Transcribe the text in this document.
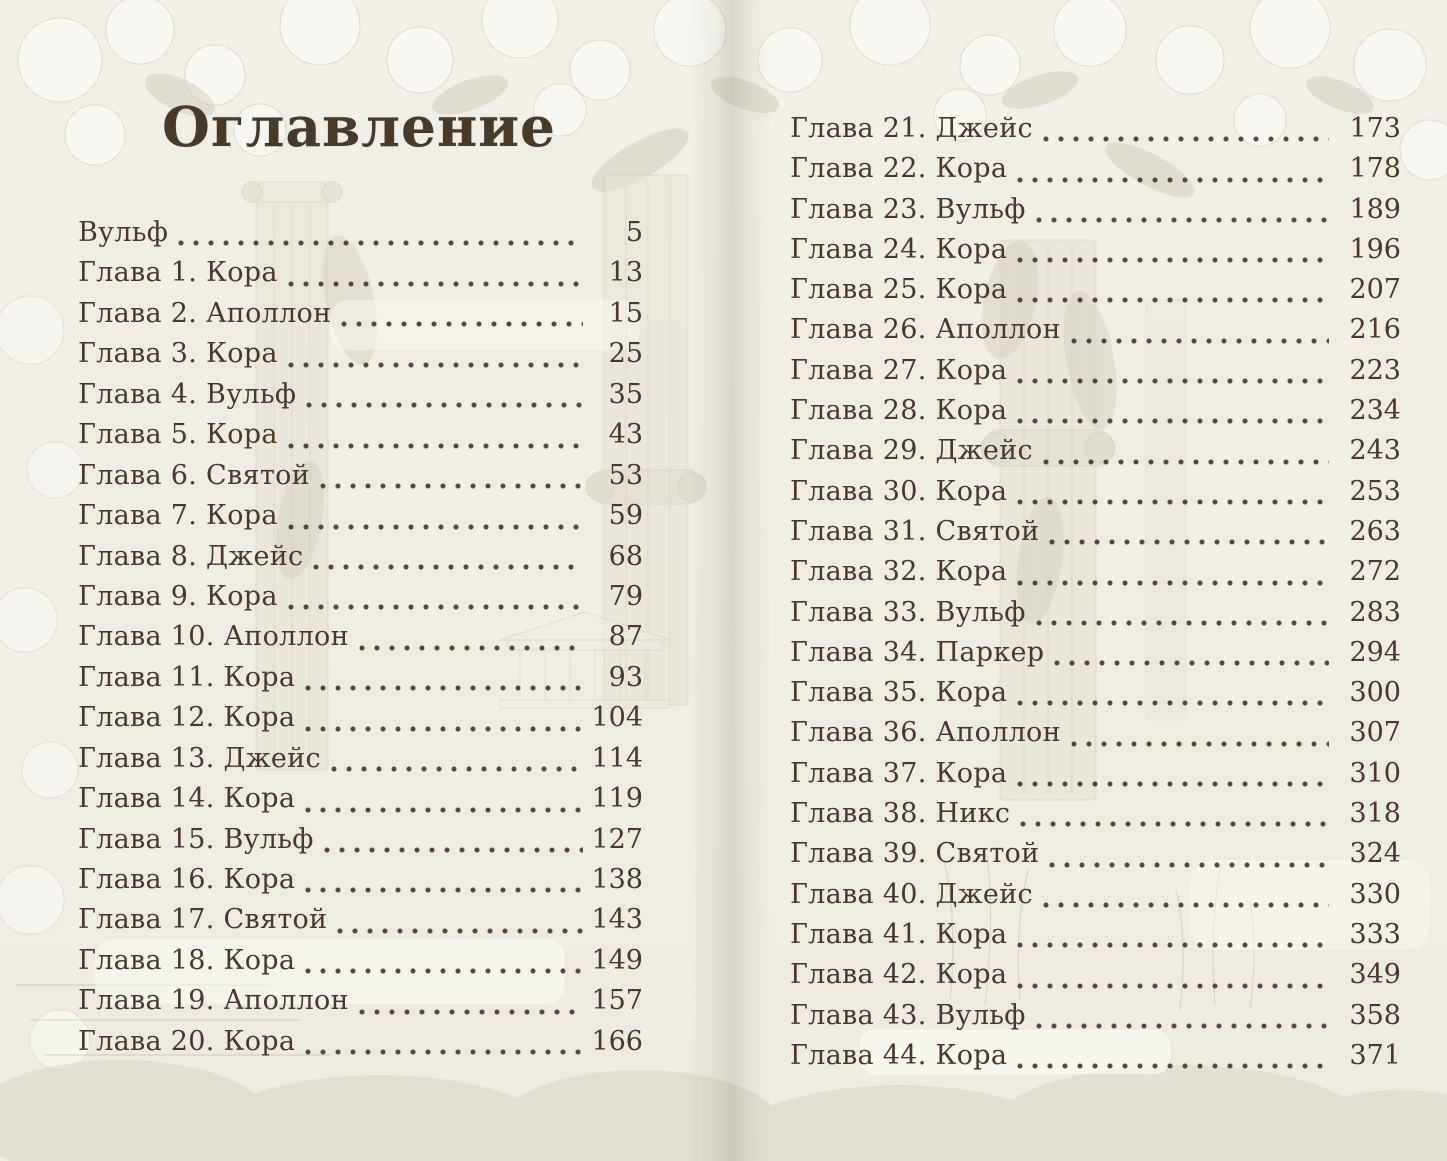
Оглавление
Вульф	5
Глава 1. Кора	13
Глава 2. Аполлон	15
Глава 3. Кора	25
Глава 4. Вульф	35
Глава 5. Кора	43
Глава 6. Святой	53
Глава 7. Кора	59
Глава 8. Джейс	68
Глава 9. Кора	79
Глава 10. Аполлон	87
Глава 11. Кора	93
Глава 12. Кора	104
Глава 13. Джейс	114
Глава 14. Кора	119
Глава 15. Вульф	127
Глава 16. Кора	138
Глава 17. Святой	143
Глава 18. Кора	149
Глава 19. Аполлон	157
Глава 20. Кора	166
Глава 21. Джейс	173
Глава 22. Кора	178
Глава 23. Вульф	189
Глава 24. Кора	196
Глава 25. Кора	207
Глава 26. Аполлон	216
Глава 27. Кора	223
Глава 28. Кора	234
Глава 29. Джейс	243
Глава 30. Кора	253
Глава 31. Святой	263
Глава 32. Кора	272
Глава 33. Вульф	283
Глава 34. Паркер	294
Глава 35. Кора	300
Глава 36. Аполлон	307
Глава 37. Кора	310
Глава 38. Никс	318
Глава 39. Святой	324
Глава 40. Джейс	330
Глава 41. Кора	333
Глава 42. Кора	349
Глава 43. Вульф	358
Глава 44. Кора	371
